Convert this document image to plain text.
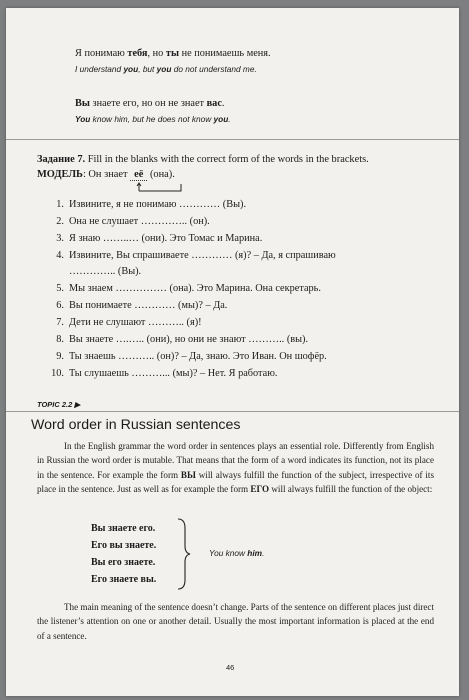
Я понимаю тебя, но ты не понимаешь меня.
I understand you, but you do not understand me.
Вы знаете его, но он не знает вас.
You know him, but he does not know you.
Задание 7. Fill in the blanks with the correct form of the words in the brackets.
МОДЕЛЬ: Он знает её
(она).
1. Извините, я не понимаю ………… (Вы).
2. Она не слушает ………….. (он).
3. Я знаю ……..… (они). Это Томас и Марина.
4. Извините, Вы спрашиваете ………… (я)? – Да, я спрашиваю
………….. (Вы).
5. Мы знаем …………… (она). Это Марина. Она секретарь.
6. Вы понимаете ………… (мы)? – Да.
7. Дети не слушают ……….. (я)!
8. Вы знаете ….….. (они), но они не знают ……….. (вы).
9. Ты знаешь ……….. (он)? – Да, знаю. Это Иван. Он шофёр.
10. Ты слушаешь ………... (мы)? – Нет. Я работаю.
TOPIC 2.2 ▶
Word order in Russian sentences
In the English grammar the word order in sentences plays an essential role. Differently from English in Russian the word order is mutable. That means that the form of a word indicates its function, not its place in the sentence. For example the form ВЫ will always fulfill the function of the subject, irrespective of its place in the sentence. Just as well as for example the form ЕГО will always fulfill the function of the object:
Вы знаете его.
Его вы знаете.
Вы его знаете.
Его знаете вы.
You know him.
The main meaning of the sentence doesn’t change. Parts of the sentence on different places just direct the listener’s attention on one or another detail. Usually the most important information is placed at the end of a sentence.
46
